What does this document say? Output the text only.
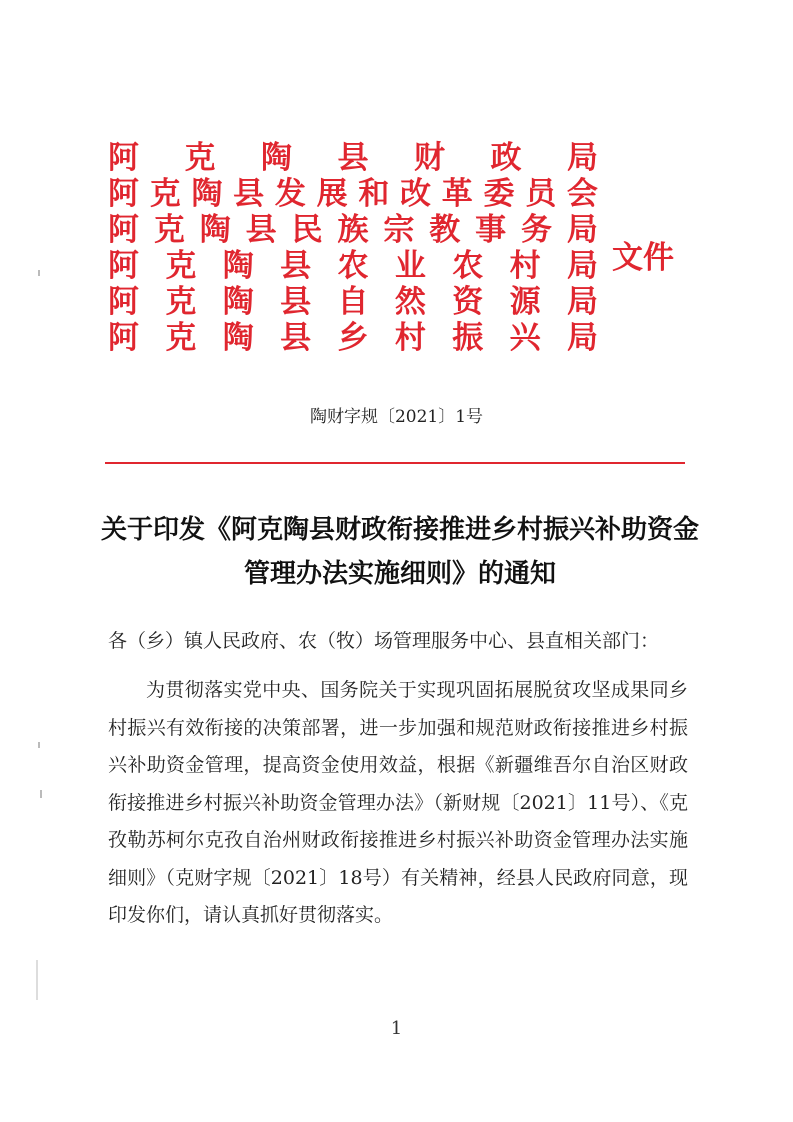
阿 克 陶 县 财 政 局
阿 克 陶 县 发 展 和 改 革 委 员 会
阿 克 陶 县 民 族 宗 教 事 务 局
阿 克 陶 县 农 业 农 村 局
阿 克 陶 县 自 然 资 源 局
阿 克 陶 县 乡 村 振 兴 局
文件
陶财字规〔2021〕1号
关于印发《阿克陶县财政衔接推进乡村振兴补助资金管理办法实施细则》的通知
各（乡）镇人民政府、农（牧）场管理服务中心、县直相关部门：
为贯彻落实党中央、国务院关于实现巩固拓展脱贫攻坚成果同乡村振兴有效衔接的决策部署，进一步加强和规范财政衔接推进乡村振兴补助资金管理，提高资金使用效益，根据《新疆维吾尔自治区财政衔接推进乡村振兴补助资金管理办法》（新财规〔2021〕11号）、《克孜勒苏柯尔克孜自治州财政衔接推进乡村振兴补助资金管理办法实施细则》（克财字规〔2021〕18号）有关精神，经县人民政府同意，现印发你们，请认真抓好贯彻落实。
1
